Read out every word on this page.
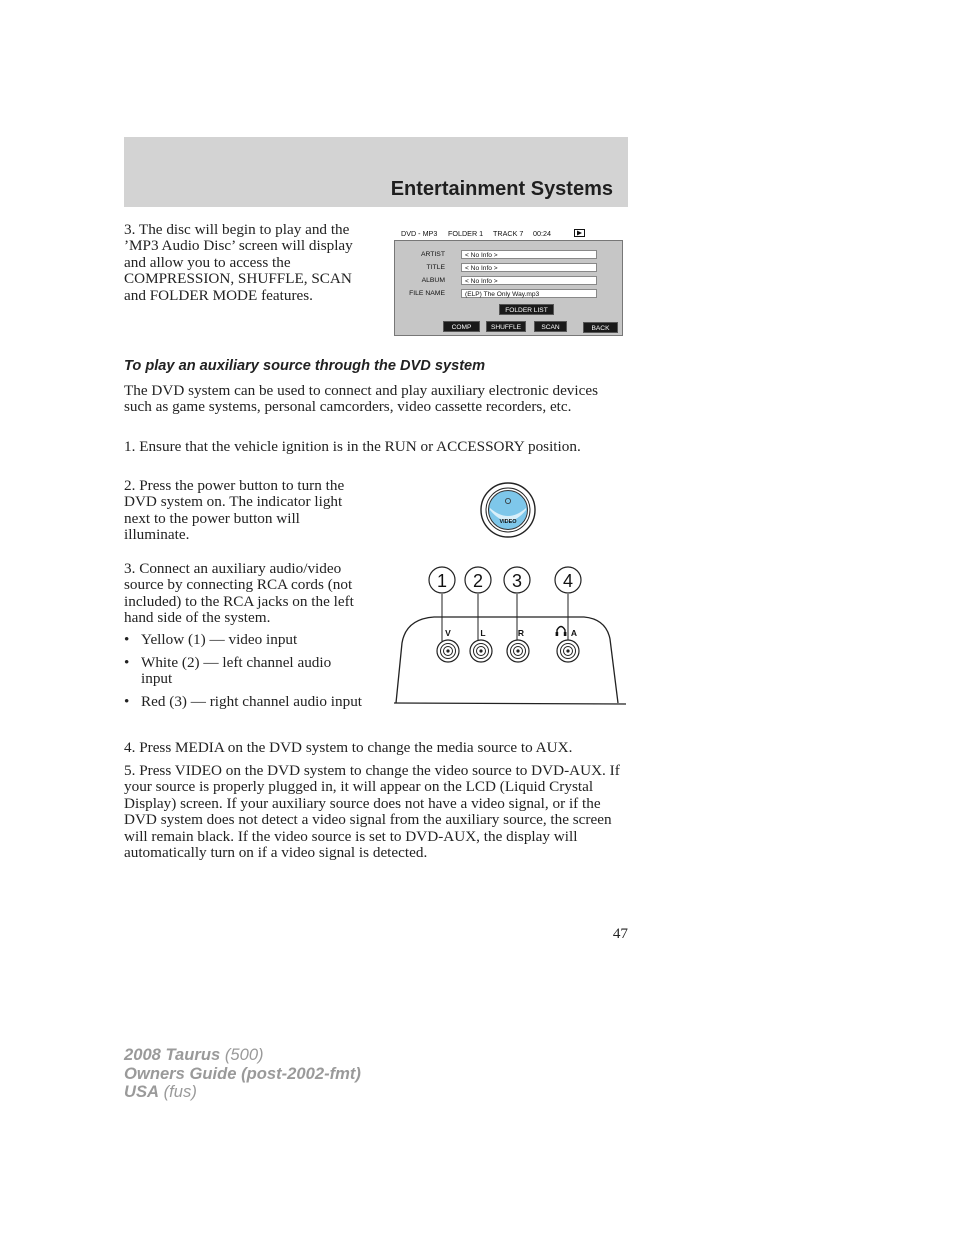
Entertainment Systems

3. The disc will begin to play and the ’MP3 Audio Disc’ screen will display and allow you to access the COMPRESSION, SHUFFLE, SCAN and FOLDER MODE features.

DVD - MP3 FOLDER 1 TRACK 7 00:24
ARTIST	< No Info >
TITLE	< No Info >
ALBUM	< No Info >
FILE NAME	(ELP) The Only Way.mp3
FOLDER LIST
COMP	SHUFFLE	SCAN	BACK
To play an auxiliary source through the DVD system

The DVD system can be used to connect and play auxiliary electronic devices such as game systems, personal camcorders, video cassette recorders, etc.

1. Ensure that the vehicle ignition is in the RUN or ACCESSORY position.

2. Press the power button to turn the DVD system on. The indicator light next to the power button will illuminate.

VIDEO

3. Connect an auxiliary audio/video source by connecting RCA cords (not included) to the RCA jacks on the left hand side of the system.

• Yellow (1) — video input
• White (2) — left channel audio input
• Red (3) — right channel audio input
1 2 3 4
V	L	R	A

4. Press MEDIA on the DVD system to change the media source to AUX.

5. Press VIDEO on the DVD system to change the video source to DVD-AUX. If your source is properly plugged in, it will appear on the LCD (Liquid Crystal Display) screen. If your auxiliary source does not have a video signal, or if the DVD system does not detect a video signal from the auxiliary source, the screen will remain black. If the video source is set to DVD-AUX, the display will automatically turn on if a video signal is detected.

47
2008 Taurus (500)
Owners Guide (post-2002-fmt)
USA (fus)
